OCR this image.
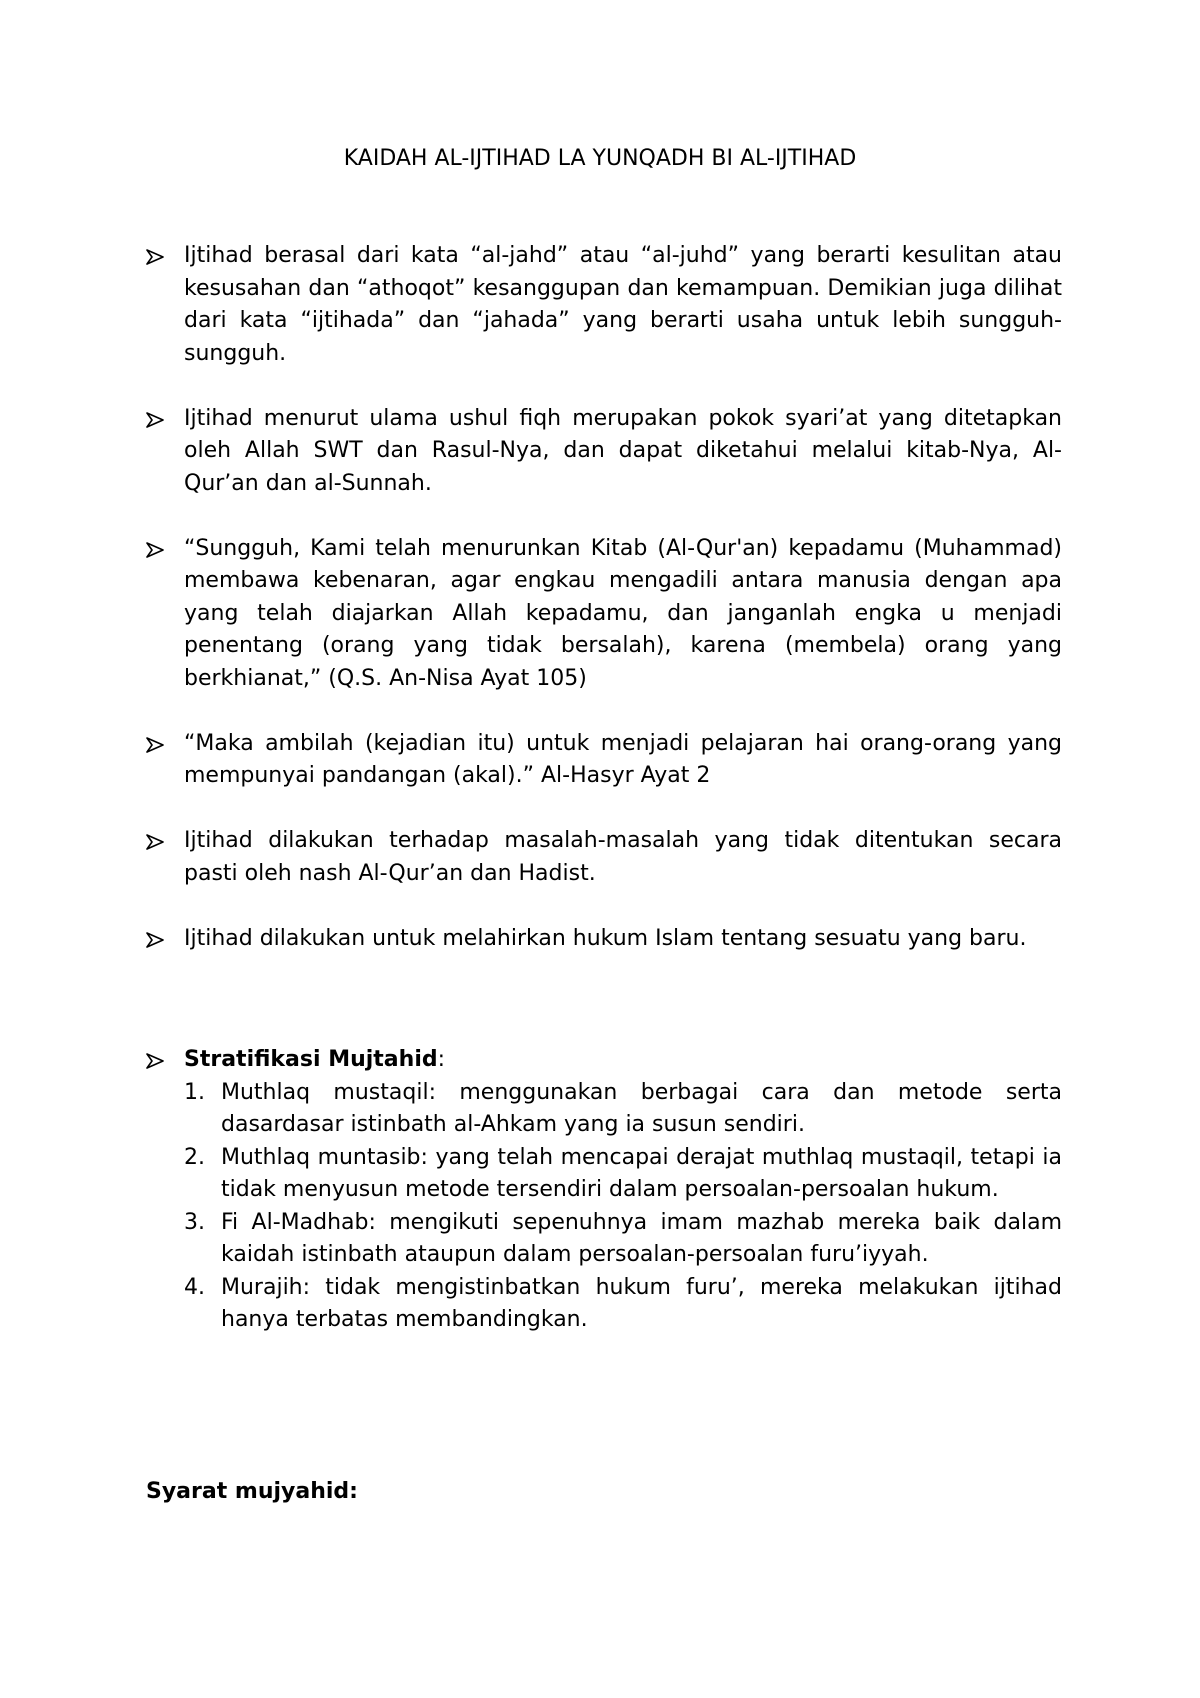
KAIDAH AL-IJTIHAD LA YUNQADH BI AL-IJTIHAD
Ijtihad berasal dari kata “al-jahd” atau “al-juhd” yang berarti kesulitan atau kesusahan dan “athoqot” kesanggupan dan kemampuan. Demikian juga dilihat dari kata “ijtihada” dan “jahada” yang berarti usaha untuk lebih sungguh-sungguh.
Ijtihad menurut ulama ushul fiqh merupakan pokok syari’at yang ditetapkan oleh Allah SWT dan Rasul-Nya, dan dapat diketahui melalui kitab-Nya, Al-Qur’an dan al-Sunnah.
“Sungguh, Kami telah menurunkan Kitab (Al-Qur'an) kepadamu (Muhammad) membawa kebenaran, agar engkau mengadili antara manusia dengan apa yang telah diajarkan Allah kepadamu, dan janganlah engka u menjadi penentang (orang yang tidak bersalah), karena (membela) orang yang berkhianat,” (Q.S. An-Nisa Ayat 105)
“Maka ambilah (kejadian itu) untuk menjadi pelajaran hai orang-orang yang mempunyai pandangan (akal).” Al-Hasyr Ayat 2
Ijtihad dilakukan terhadap masalah-masalah yang tidak ditentukan secara pasti oleh nash Al-Qur’an dan Hadist.
Ijtihad dilakukan untuk melahirkan hukum Islam tentang sesuatu yang baru.
Stratifikasi Mujtahid:
1. Muthlaq mustaqil: menggunakan berbagai cara dan metode serta dasardasar istinbath al-Ahkam yang ia susun sendiri.
2. Muthlaq muntasib: yang telah mencapai derajat muthlaq mustaqil, tetapi ia tidak menyusun metode tersendiri dalam persoalan-persoalan hukum.
3. Fi Al-Madhab: mengikuti sepenuhnya imam mazhab mereka baik dalam kaidah istinbath ataupun dalam persoalan-persoalan furu’iyyah.
4. Murajih: tidak mengistinbatkan hukum furu’, mereka melakukan ijtihad hanya terbatas membandingkan.
Syarat mujyahid:
